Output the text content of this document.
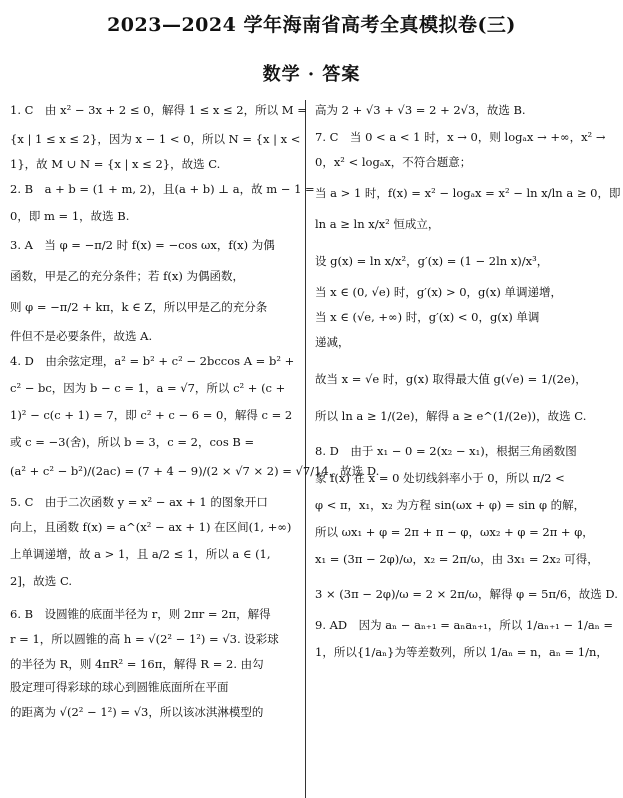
2023—2024 学年海南省高考全真模拟卷(三)
数学 · 答案
1. C　由 x² − 3x + 2 ≤ 0，解得 1 ≤ x ≤ 2，所以 M =
{x | 1 ≤ x ≤ 2}，因为 x − 1 < 0，所以 N = {x | x <
1}，故 M ∪ N = {x | x ≤ 2}，故选 C.
2. B　a + b = (1 + m, 2)，且(a + b) ⊥ a，故 m − 1 =
0，即 m = 1，故选 B.
3. A　当 φ = −π/2 时 f(x) = −cos ωx，f(x) 为偶
函数，甲是乙的充分条件；若 f(x) 为偶函数，
则 φ = −π/2 + kπ，k ∈ Z，所以甲是乙的充分条
件但不是必要条件，故选 A.
4. D　由余弦定理，a² = b² + c² − 2bccos A = b² +
c² − bc，因为 b − c = 1，a = √7，所以 c² + (c +
1)² − c(c + 1) = 7，即 c² + c − 6 = 0，解得 c = 2
或 c = −3(舍)，所以 b = 3，c = 2，cos B =
(a² + c² − b²)/(2ac) = (7 + 4 − 9)/(2 × √7 × 2) = √7/14，故选 D.
5. C　由于二次函数 y = x² − ax + 1 的图象开口
向上，且函数 f(x) = a^(x² − ax + 1) 在区间(1, +∞)
上单调递增，故 a > 1，且 a/2 ≤ 1，所以 a ∈ (1,
2]，故选 C.
6. B　设圆锥的底面半径为 r，则 2πr = 2π，解得
r = 1，所以圆锥的高 h = √(2² − 1²) = √3. 设彩球
的半径为 R，则 4πR² = 16π，解得 R = 2. 由勾
股定理可得彩球的球心到圆锥底面所在平面
的距离为 √(2² − 1²) = √3，所以该冰淇淋模型的
高为 2 + √3 + √3 = 2 + 2√3，故选 B.
7. C　当 0 < a < 1 时，x → 0，则 logₐx → +∞，x² →
0，x² < logₐx，不符合题意；
当 a > 1 时，f(x) = x² − logₐx = x² − ln x/ln a ≥ 0，即
ln a ≥ ln x/x² 恒成立，
设 g(x) = ln x/x²，g′(x) = (1 − 2ln x)/x³，
当 x ∈ (0, √e) 时，g′(x) > 0，g(x) 单调递增，
当 x ∈ (√e, +∞) 时，g′(x) < 0，g(x) 单调
递减，
故当 x = √e 时，g(x) 取得最大值 g(√e) = 1/(2e)，
所以 ln a ≥ 1/(2e)，解得 a ≥ e^(1/(2e))，故选 C.
8. D　由于 x₁ − 0 = 2(x₂ − x₁)，根据三角函数图
象 f(x) 在 x = 0 处切线斜率小于 0，所以 π/2 <
φ < π，x₁，x₂ 为方程 sin(ωx + φ) = sin φ 的解，
所以 ωx₁ + φ = 2π + π − φ，ωx₂ + φ = 2π + φ，
x₁ = (3π − 2φ)/ω，x₂ = 2π/ω，由 3x₁ = 2x₂ 可得，
3 × (3π − 2φ)/ω = 2 × 2π/ω，解得 φ = 5π/6，故选 D.
9. AD　因为 aₙ − aₙ₊₁ = aₙaₙ₊₁，所以 1/aₙ₊₁ − 1/aₙ =
1，所以{1/aₙ}为等差数列，所以 1/aₙ = n，aₙ = 1/n，
